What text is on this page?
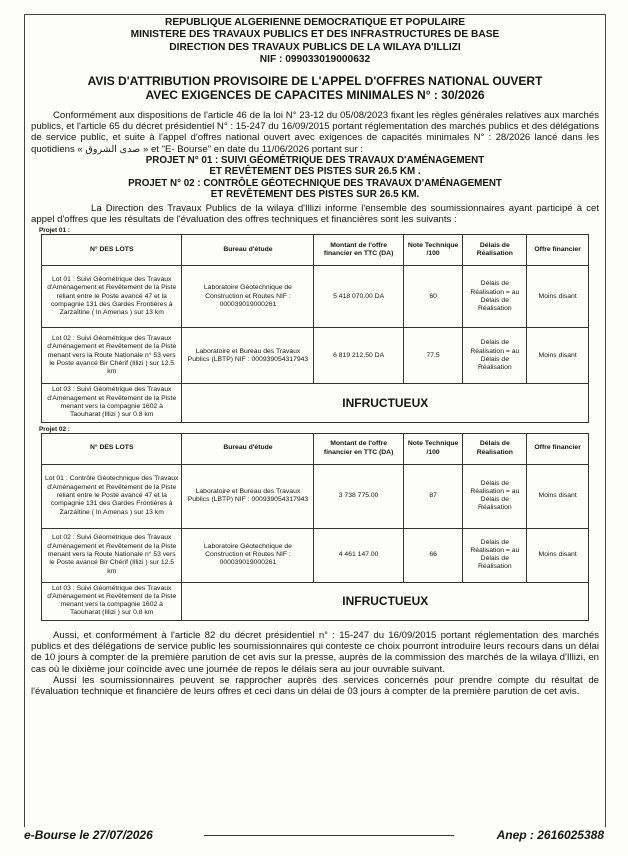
REPUBLIQUE ALGERIENNE DEMOCRATIQUE ET POPULAIRE
MINISTERE DES TRAVAUX PUBLICS ET DES INFRASTRUCTURES DE BASE
DIRECTION DES TRAVAUX PUBLICS DE LA WILAYA D'ILLIZI
NIF : 099033019000632
AVIS D'ATTRIBUTION PROVISOIRE DE L'APPEL D'OFFRES NATIONAL OUVERT
AVEC EXIGENCES DE CAPACITES MINIMALES N° : 30/2026

Conformément aux dispositions de l'article 46 de la loi N° 23-12 du 05/08/2023 fixant les règles générales relatives aux marchés publics, et l'article 65 du décret présidentiel N° : 15-247 du 16/09/2015 portant réglementation des marchés publics et des délégations de service public, et suite à l'appel d'offres national ouvert avec exigences de capacités minimales N° : 28/2026 lancé dans les quotidiens « صدى الشروق » et "E- Bourse" en date du 11/06/2026 portant sur :

PROJET N° 01 : SUIVI GÉOMÉTRIQUE DES TRAVAUX D'AMÉNAGEMENT
ET REVÊTEMENT DES PISTES SUR 26.5 KM .
PROJET N° 02 : CONTRÔLE GÉOTECHNIQUE DES TRAVAUX D'AMÉNAGEMENT
ET REVÊTEMENT DES PISTES SUR 26.5 KM.

La Direction des Travaux Publics de la wilaya d'Illizi informe l'ensemble des soumissionnaires ayant participé à cet appel d'offres que les résultats de l'évaluation des offres techniques et financières sont les suivants :

Projet 01 :
N° DES LOTS	Bureau d'étude	Montant de l'offre financier en TTC (DA)	Note Technique /100	Délais de Réalisation	Offre financier
Lot 01 : Suivi Géométrique des Travaux d'Aménagement et Revêtement de la Piste reliant entre le Poste avancé 47 et la compagnie 131 des Gardes Frontières à Zarzaïtine ( In Amenas ) sur 13 km	Laboratoire Géotechnique de Construction et Routes NIF : 000039019000261	5 418 070.00 DA	60	Délais de Réalisation = au Délais de Réalisation	Moins disant
Lot 02 : Suivi Géométrique des Travaux d'Aménagement et Revêtement de la Piste menant vers la Route Nationale n° 53 vers le Poste avancé Bir Chérif (Illizi ) sur 12.5 km	Laboratoire et Bureau des Travaux Publics (LBTP) NIF : 000939054317943	6 819 212.50 DA	77,5	Délais de Réalisation = au Délais de Réalisation	Moins disant
Lot 03 : Suivi Géométrique des Travaux d'Aménagement et Revêtement de la Piste menant vers la compagnie 1602 à Taouharat (Illizi ) sur 0.8 km	INFRUCTUEUX				
Projet 02 :
N° DES LOTS	Bureau d'étude	Montant de l'offre financier en TTC (DA)	Note Technique /100	Délais de Réalisation	Offre financier
Lot 01 : Contrôle Géotechnique des Travaux d'Aménagement et Revêtement de la Piste reliant entre le Poste avancé 47 et la compagnie 131 des Gardes Frontières à Zarzaïtine ( In Amenas ) sur 13 km	Laboratoire et Bureau des Travaux Publics (LBTP) NIF : 000939054317943	3 738 775.00	87	Délais de Réalisation = au Délais de Réalisation	Moins disant
Lot 02 : Suivi Géométrique des Travaux d'Aménagement et Revêtement de la Piste menant vers la Route Nationale n° 53 vers le Poste avancé Bir Chérif (Illizi ) sur 12.5 km	Laboratoire Géotechnique de Construction et Routes NIF : 000039019000261	4 461 147.00	66	Délais de Réalisation = au Délais de Réalisation	Moins disant
Lot 03 : Suivi Géométrique des Travaux d'Aménagement et Revêtement de la Piste menant vers la compagnie 1602 à Taouharat (Illizi ) sur 0.8 km	INFRUCTUEUX				

Aussi, et conformément à l'article 82 du décret présidentiel n° : 15-247 du 16/09/2015 portant réglementation des marchés publics et des délégations de service public les soumissionnaires qui conteste ce choix pourront introduire leurs recours dans un délai de 10 jours à compter de la première parution de cet avis sur la presse, auprès de la commission des marchés de la wilaya d'Illizi, en cas où le dixième jour coïncide avec une journée de repos le délais sera au jour ouvrable suivant.

Aussi les soumissionnaires peuvent se rapprocher auprès des services concernés pour prendre compte du résultat de l'évaluation technique et financière de leurs offres et ceci dans un délai de 03 jours à compter de la première parution de cet avis.

e-Bourse le 27/07/2026	Anep : 2616025388
